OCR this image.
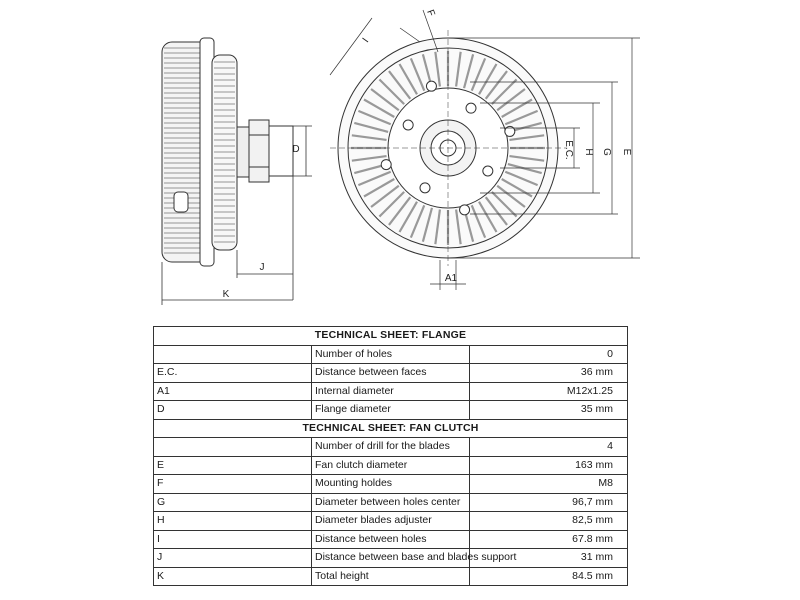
D
J
K
E
G
H
E.C.
A1
I
F
TECHNICAL SHEET: FLANGE		
	Number of holes	0
E.C.	Distance between faces	36 mm
A1	Internal diameter	M12x1.25
D	Flange diameter	35 mm
TECHNICAL SHEET: FAN CLUTCH		
	Number of drill for the blades	4
E	Fan clutch diameter	163 mm
F	Mounting holdes	M8
G	Diameter between holes center	96,7 mm
H	Diameter blades adjuster	82,5 mm
I	Distance between holes	67.8 mm
J	Distance between base and blades support	31 mm
K	Total height	84.5 mm
